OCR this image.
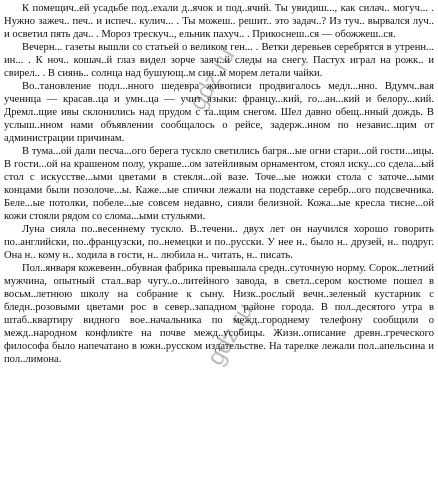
К помещич..ей усадьбе под..ехали д..ячок и под..ячий. Ты увидиш..., как силач.. могуч... . Нужно зажеч.. печ.. и испеч.. кулич... . Ты можеш.. решит.. это задач..? Из туч.. вырвался луч.. и осветил пять дач.. . Мороз трескуч.., ельник пахуч.. . Прикоснеш..ся — обожжеш..ся.

Вечерн... газеты вышли со статьей о великом ген... . Ветки деревьев серебрятся в утренн... ин... . К ноч.. кошач..й глаз видел зорче заяч..й следы на снегу. Пастух играл на рожк.. и свирел.. . В сиянь.. солнца над бушующ..м син..м морем летали чайки.

Во..тановление подл...нного шедевра живописи продвигалось медл...нно. Вдумч..вая ученица — красав..ца и умн..ца — учит языки: францу...кий, го...ан...кий и белору...кий. Дремл..щие ивы склонились над прудом с та..щим снегом. Шел давно обещ..нный дождь. В услыш..нном нами объявлении сообщалось о рейсе, задерж..нном по независ..щим от администрации причинам.

В тума...ой дали песча...ого берега тускло светились багря...ые огни стари...ой гости...ицы. В гости...ой на крашеном полу, украше...ом затейливым орнаментом, стоял иску...со сдела...ый стол с искусстве...ыми цветами в стекля...ой вазе. Точе...ые ножки стола с заточе...ыми концами были позолоче...ы. Каже...ые спички лежали на подставке серебр...ого подсвечника. Беле...ые потолки, побеле...ые совсем недавно, сияли белизной. Кожа...ые кресла тисне...ой кожи стояли рядом со слома...ыми стульями.

Луна сияла по..весеннему тускло. В..течени.. двух лет он научился хорошо говорить по..английски, по..французски, по..немецки и по..русски. У нее н.. было н.. друзей, н.. подруг. Она н.. кому н.. ходила в гости, н.. любила н.. читать, н.. писать.

Пол..января кожевенн..обувная фабрика превышала средн..суточную норму. Сорок..летний мужчина, опытный стал..вар чугу..о..литейного завода, в светл..сером костюме пошел в восьм..летнюю школу на собрание к сыну. Низк..рослый вечн..зеленый кустарник с бледн..розовыми цветами рос в север..западном районе города. В пол..десятого утра в штаб..квартиру видного вое..начальника по межд..городнему телефону сообщили о межд..народном конфликте на почве межд..усобицы. Жизн..описание древн..греческого философа было напечатано в южн..русском издательстве. На тарелке лежали пол..апельсина и пол..лимона.

gdz.ru
gdz.ru
